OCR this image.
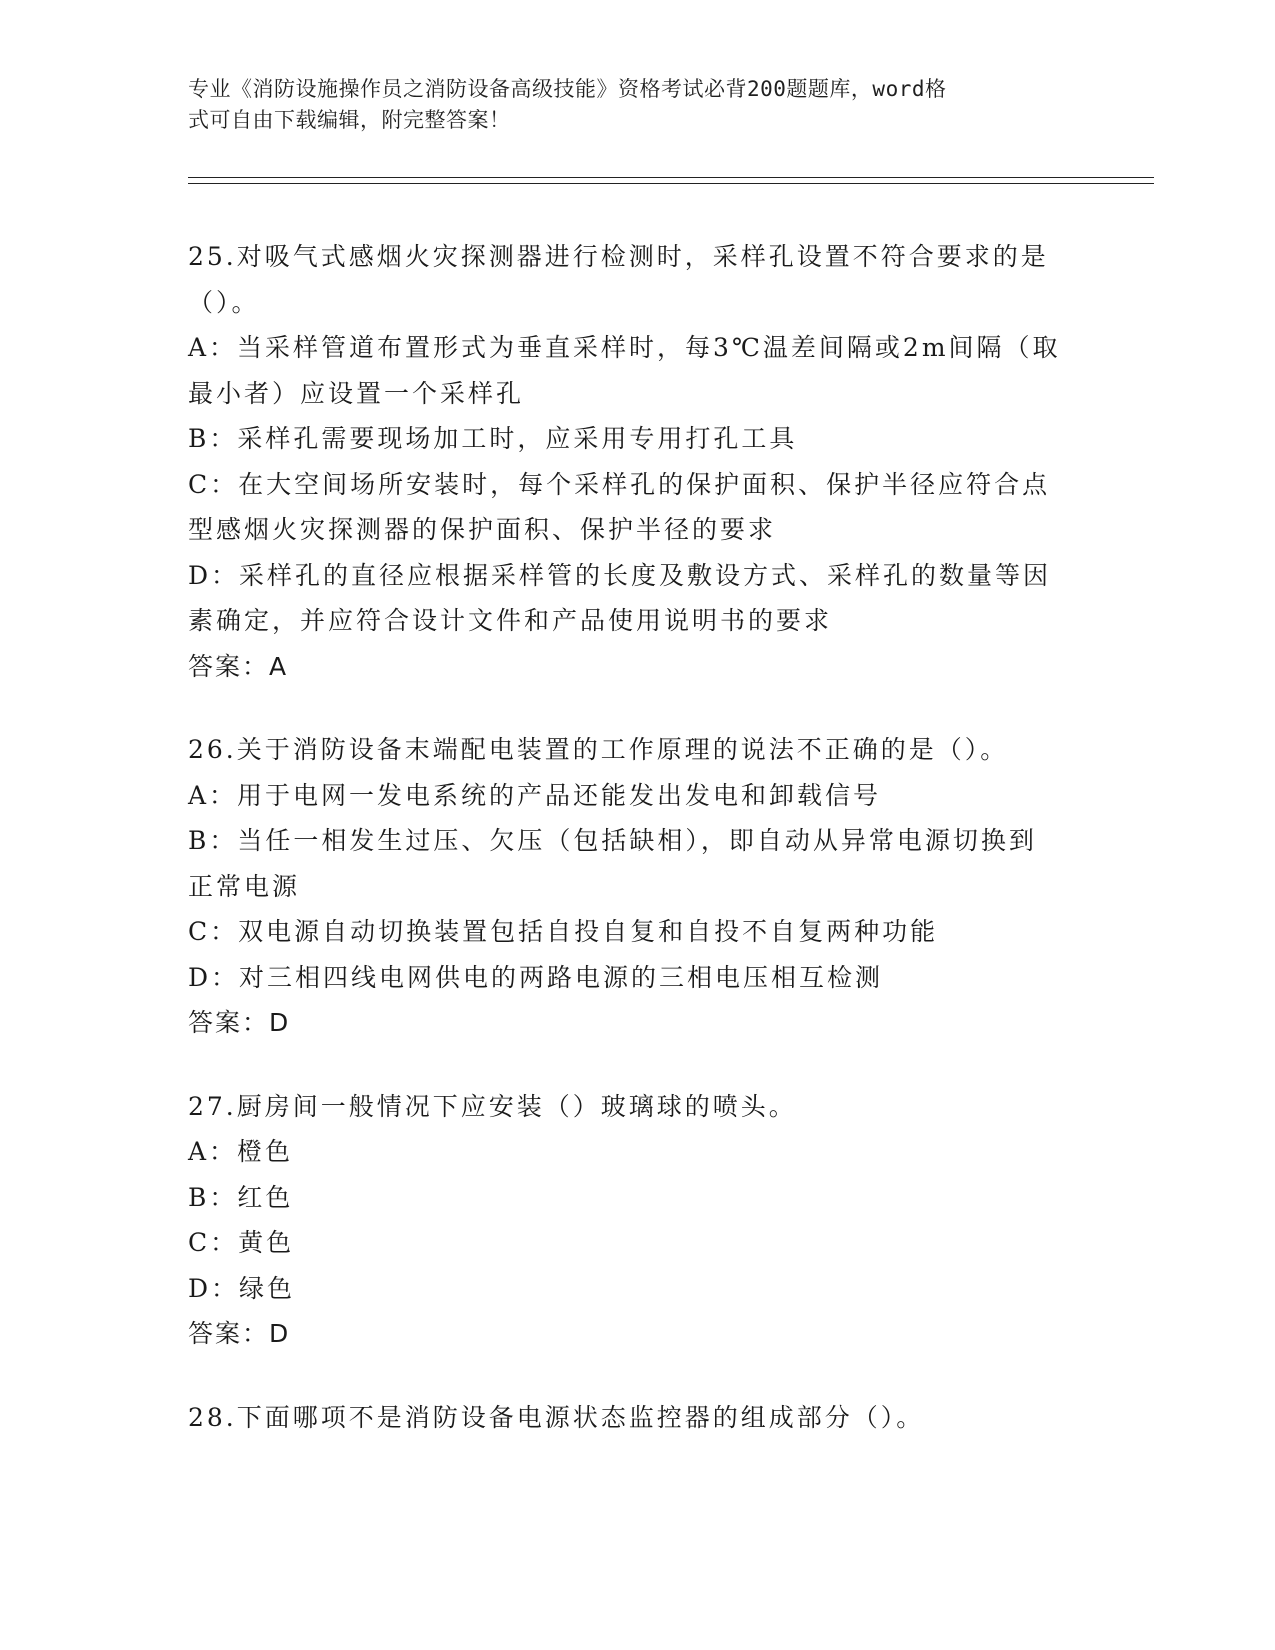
专业《消防设施操作员之消防设备高级技能》资格考试必背200题题库，word格
式可自由下载编辑，附完整答案！
25.对吸气式感烟火灾探测器进行检测时，采样孔设置不符合要求的是
（）。
A：当采样管道布置形式为垂直采样时，每3℃温差间隔或2m间隔（取
最小者）应设置一个采样孔
B：采样孔需要现场加工时，应采用专用打孔工具
C：在大空间场所安装时，每个采样孔的保护面积、保护半径应符合点
型感烟火灾探测器的保护面积、保护半径的要求
D：采样孔的直径应根据采样管的长度及敷设方式、采样孔的数量等因
素确定，并应符合设计文件和产品使用说明书的要求
答案：A
26.关于消防设备末端配电装置的工作原理的说法不正确的是（）。
A：用于电网一发电系统的产品还能发出发电和卸载信号
B：当任一相发生过压、欠压（包括缺相），即自动从异常电源切换到
正常电源
C：双电源自动切换装置包括自投自复和自投不自复两种功能
D：对三相四线电网供电的两路电源的三相电压相互检测
答案：D
27.厨房间一般情况下应安装（）玻璃球的喷头。
A：橙色
B：红色
C：黄色
D：绿色
答案：D
28.下面哪项不是消防设备电源状态监控器的组成部分（）。
